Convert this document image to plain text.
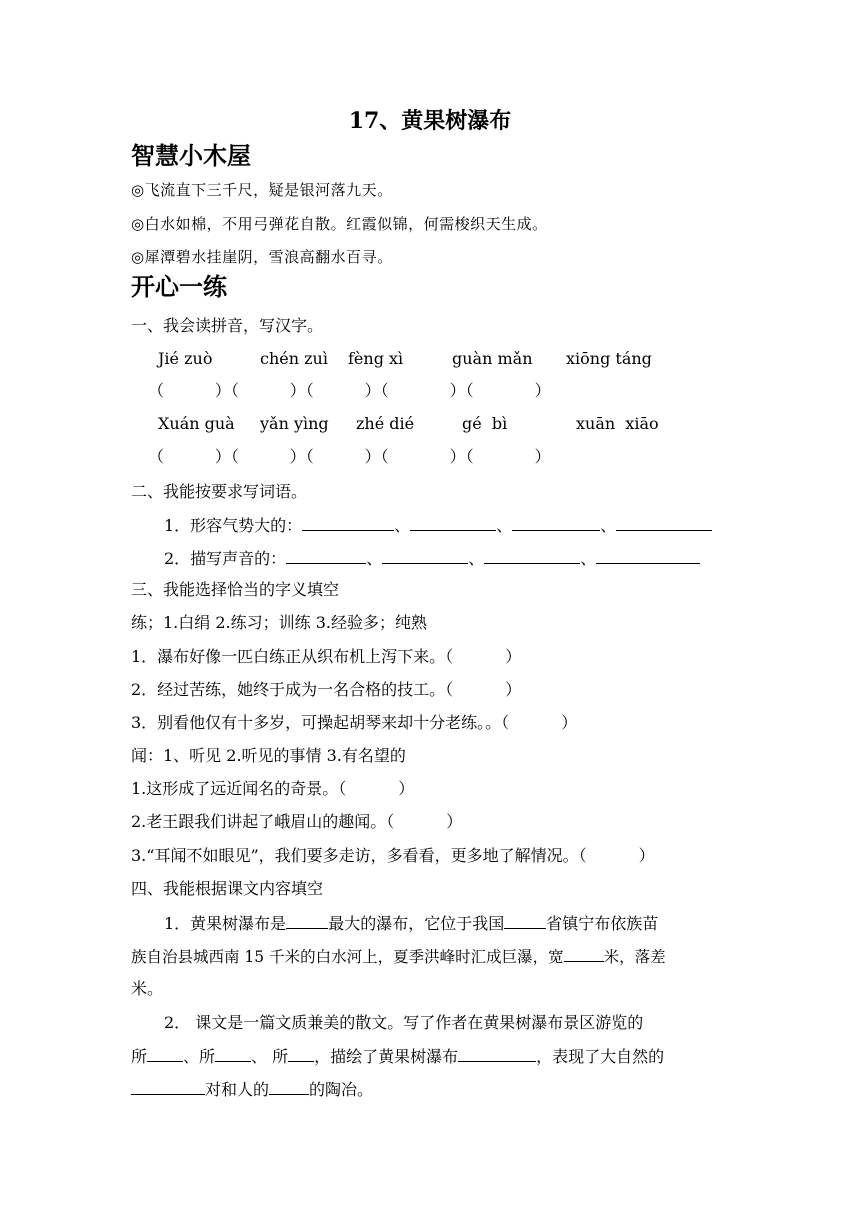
17、黄果树瀑布
智慧小木屋
◎飞流直下三千尺，疑是银河落九天。
◎白水如棉，不用弓弹花自散。红霞似锦，何需梭织天生成。
◎犀潭碧水挂崖阴，雪浪高翻水百寻。
开心一练
一、我会读拼音，写汉字。
Jié zuò	chén zuì fèng xì	guàn mǎn xiōng táng
（          ）（          ）（          ）（            ）（            ）
Xuán guà yǎn yìng zhé dié	gé  bì	xuān  xiāo
（          ）（          ）（          ）（            ）（            ）
二、我能按要求写词语。
1．形容气势大的：	、	、	、
2．描写声音的：	、	、	、
三、我能选择恰当的字义填空
练；1.白绢 2.练习；训练 3.经验多；纯熟
1．瀑布好像一匹白练正从织布机上泻下来。（	）
2．经过苦练，她终于成为一名合格的技工。（	）
3．别看他仅有十多岁，可操起胡琴来却十分老练。。（	）
闻：1、听见 2.听见的事情 3.有名望的
1.这形成了远近闻名的奇景。（	）
2.老王跟我们讲起了峨眉山的趣闻。（	）
3.“耳闻不如眼见”，我们要多走访，多看看，更多地了解情况。（	）
四、我能根据课文内容填空
1．黄果树瀑布是	最大的瀑布，它位于我国	省镇宁布依族苗
族自治县城西南 15 千米的白水河上，夏季洪峰时汇成巨瀑，宽	米，落差
米。
2． 课文是一篇文质兼美的散文。写了作者在黄果树瀑布景区游览的
所 、所 、 所 ，描绘了黄果树瀑布	，表现了大自然的
对和人的	的陶冶。
